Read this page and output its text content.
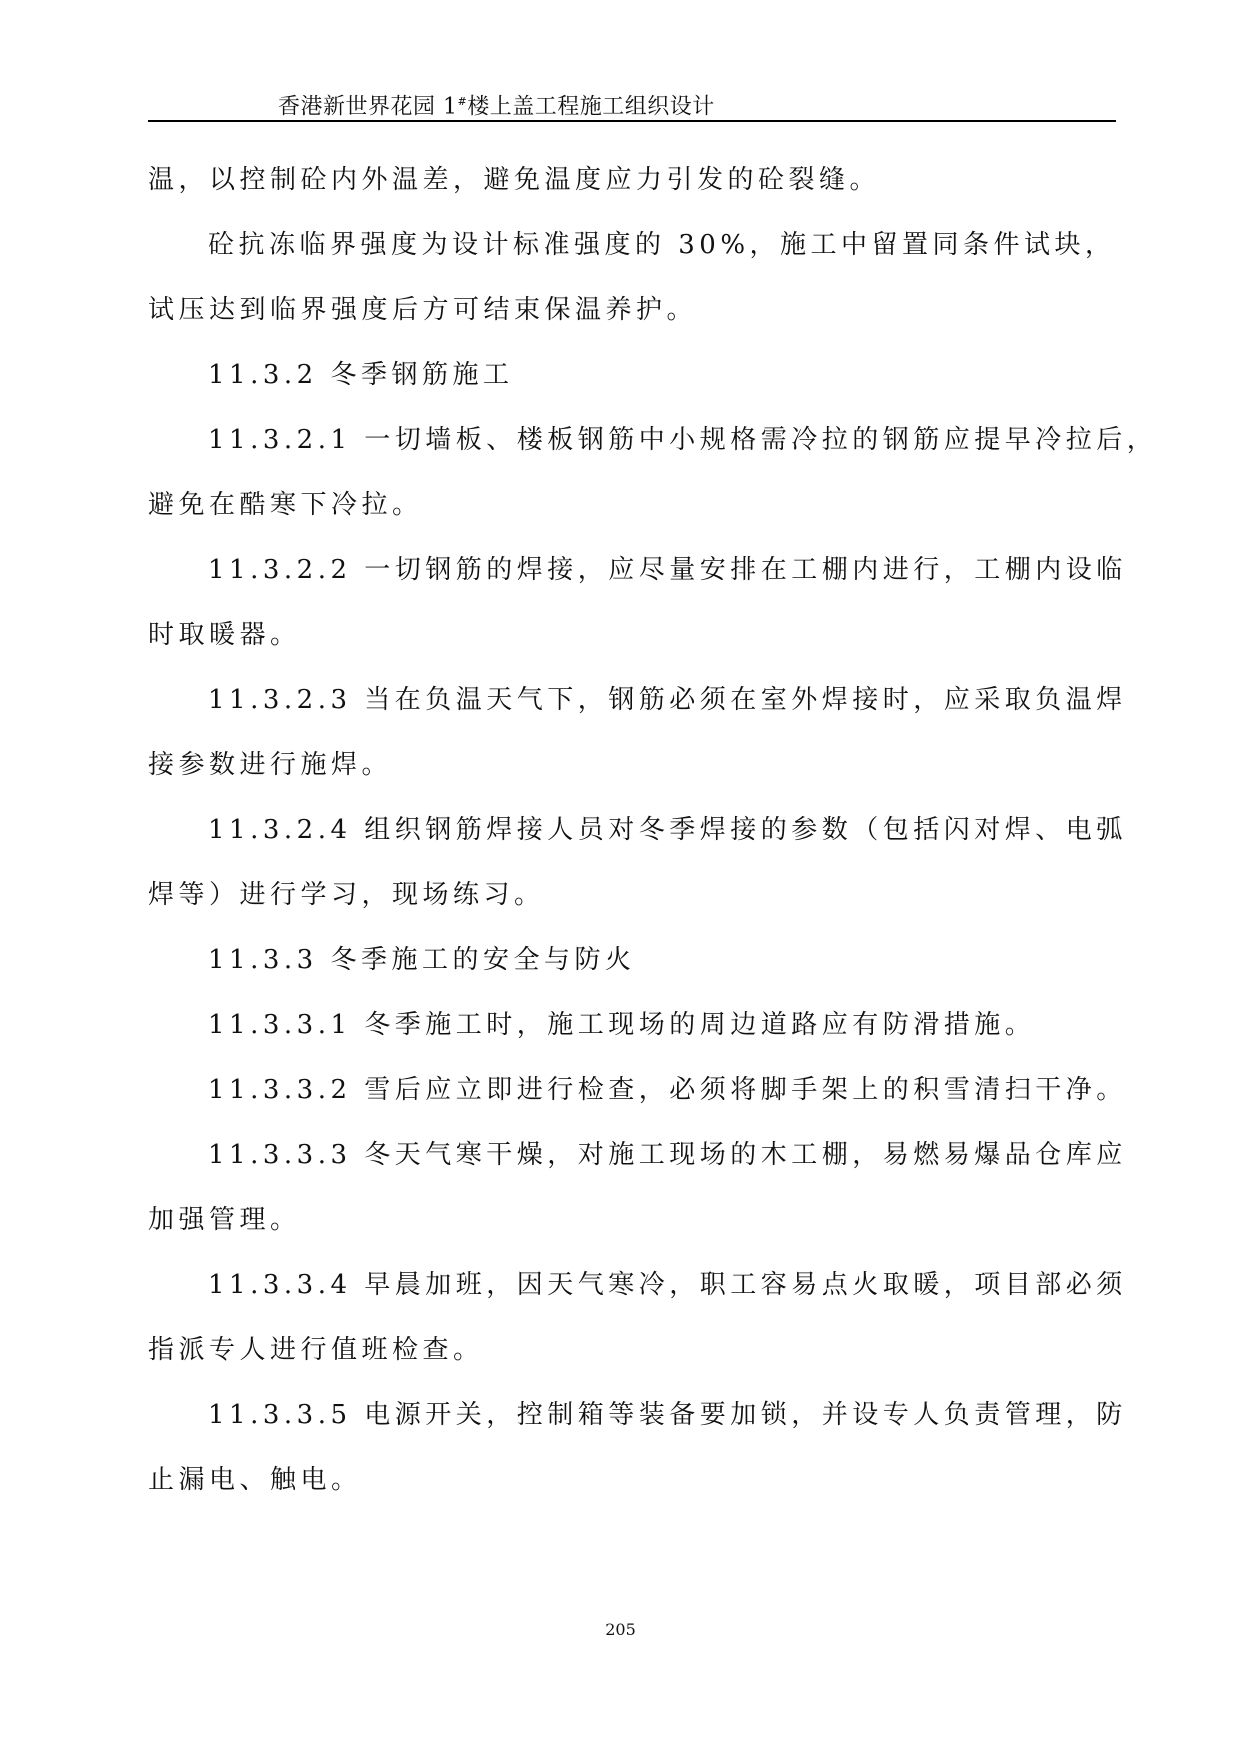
香港新世界花园 1#楼上盖工程施工组织设计

温，以控制砼内外温差，避免温度应力引发的砼裂缝。

砼抗冻临界强度为设计标准强度的 30%，施工中留置同条件试块，

试压达到临界强度后方可结束保温养护。

11.3.2 冬季钢筋施工

11.3.2.1 一切墙板、楼板钢筋中小规格需冷拉的钢筋应提早冷拉后，

避免在酷寒下冷拉。

11.3.2.2 一切钢筋的焊接，应尽量安排在工棚内进行，工棚内设临

时取暖器。

11.3.2.3 当在负温天气下，钢筋必须在室外焊接时，应采取负温焊

接参数进行施焊。

11.3.2.4 组织钢筋焊接人员对冬季焊接的参数（包括闪对焊、电弧

焊等）进行学习，现场练习。

11.3.3 冬季施工的安全与防火

11.3.3.1 冬季施工时，施工现场的周边道路应有防滑措施。

11.3.3.2 雪后应立即进行检查，必须将脚手架上的积雪清扫干净。

11.3.3.3 冬天气寒干燥，对施工现场的木工棚，易燃易爆品仓库应

加强管理。

11.3.3.4 早晨加班，因天气寒冷，职工容易点火取暖，项目部必须

指派专人进行值班检查。

11.3.3.5 电源开关，控制箱等装备要加锁，并设专人负责管理，防

止漏电、触电。

205
